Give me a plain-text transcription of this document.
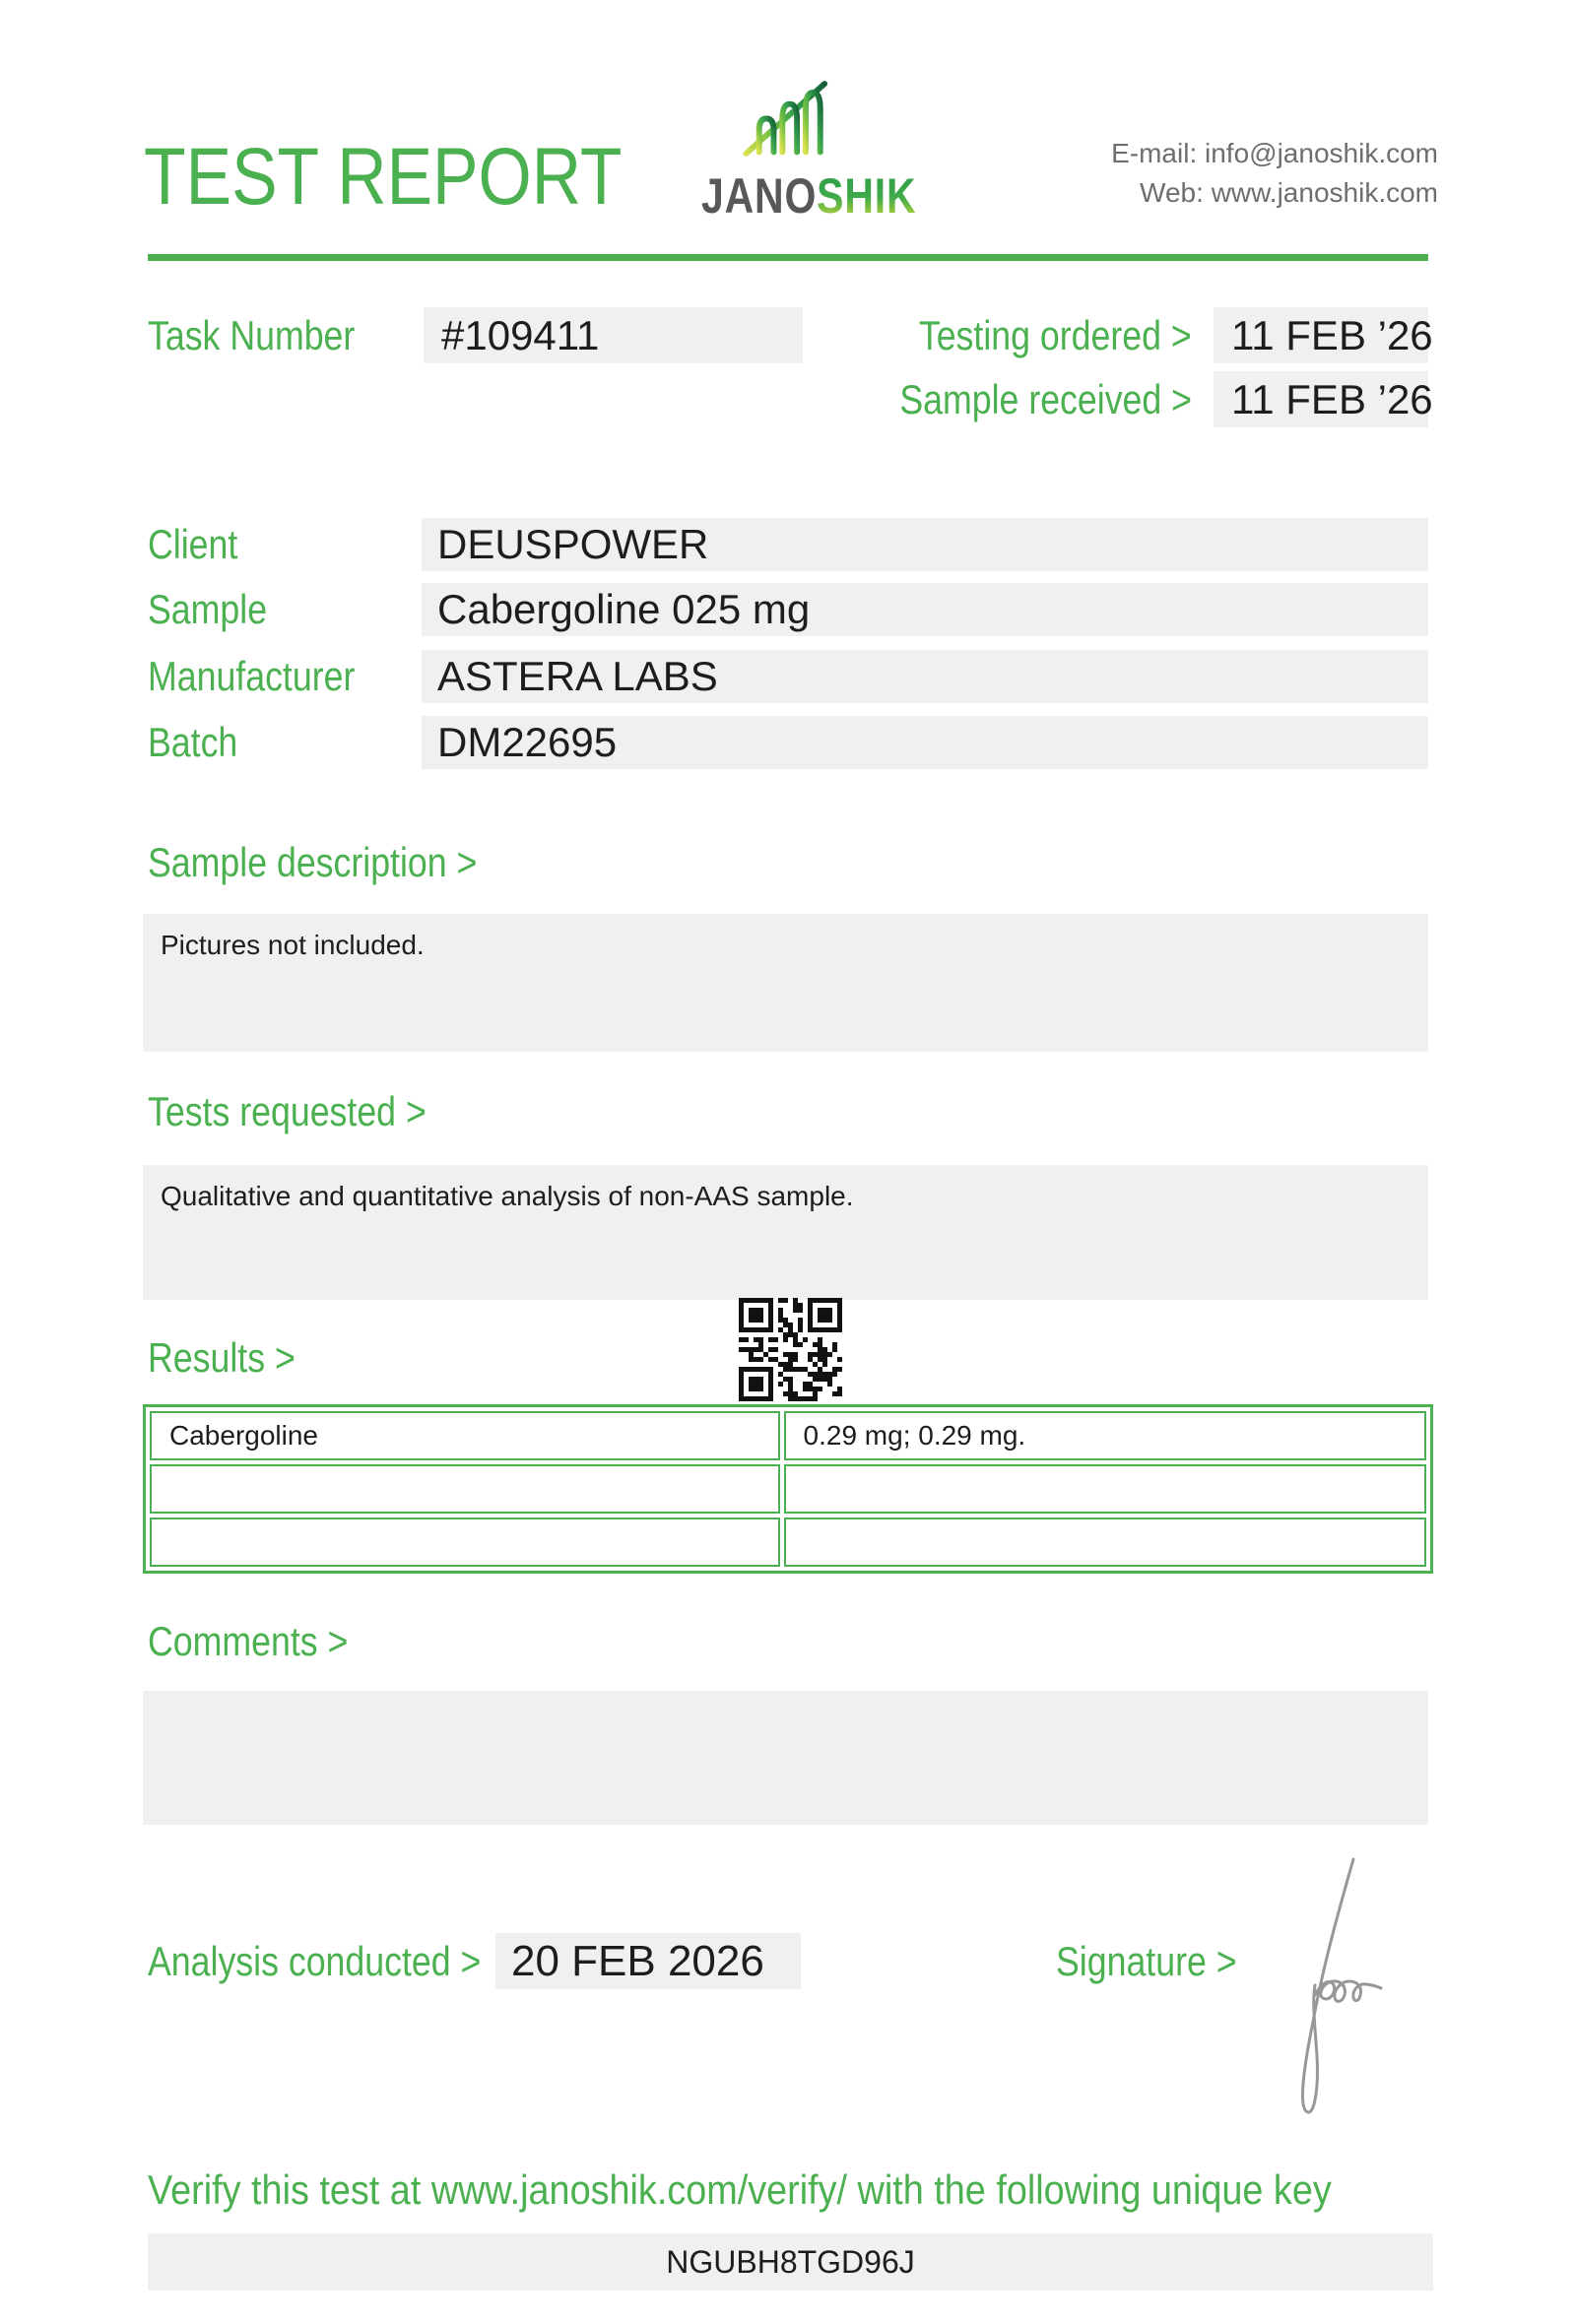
TEST REPORT	JANOSHIK
E-mail: info@janoshik.com
Web: www.janoshik.com
Task Number	#109411	Testing ordered > 11 FEB ’26
Sample received > 11 FEB ’26
Client	DEUSPOWER
Sample	Cabergoline 025 mg
Manufacturer	ASTERA LABS
Batch	DM22695
Sample description >
Pictures not included.
Tests requested >
Qualitative and quantitative analysis of non-AAS sample.
Results >
Cabergoline	0.29 mg; 0.29 mg.

Comments >
Analysis conducted > 20 FEB 2026	Signature >
Verify this test at www.janoshik.com/verify/ with the following unique key
NGUBH8TGD96J
